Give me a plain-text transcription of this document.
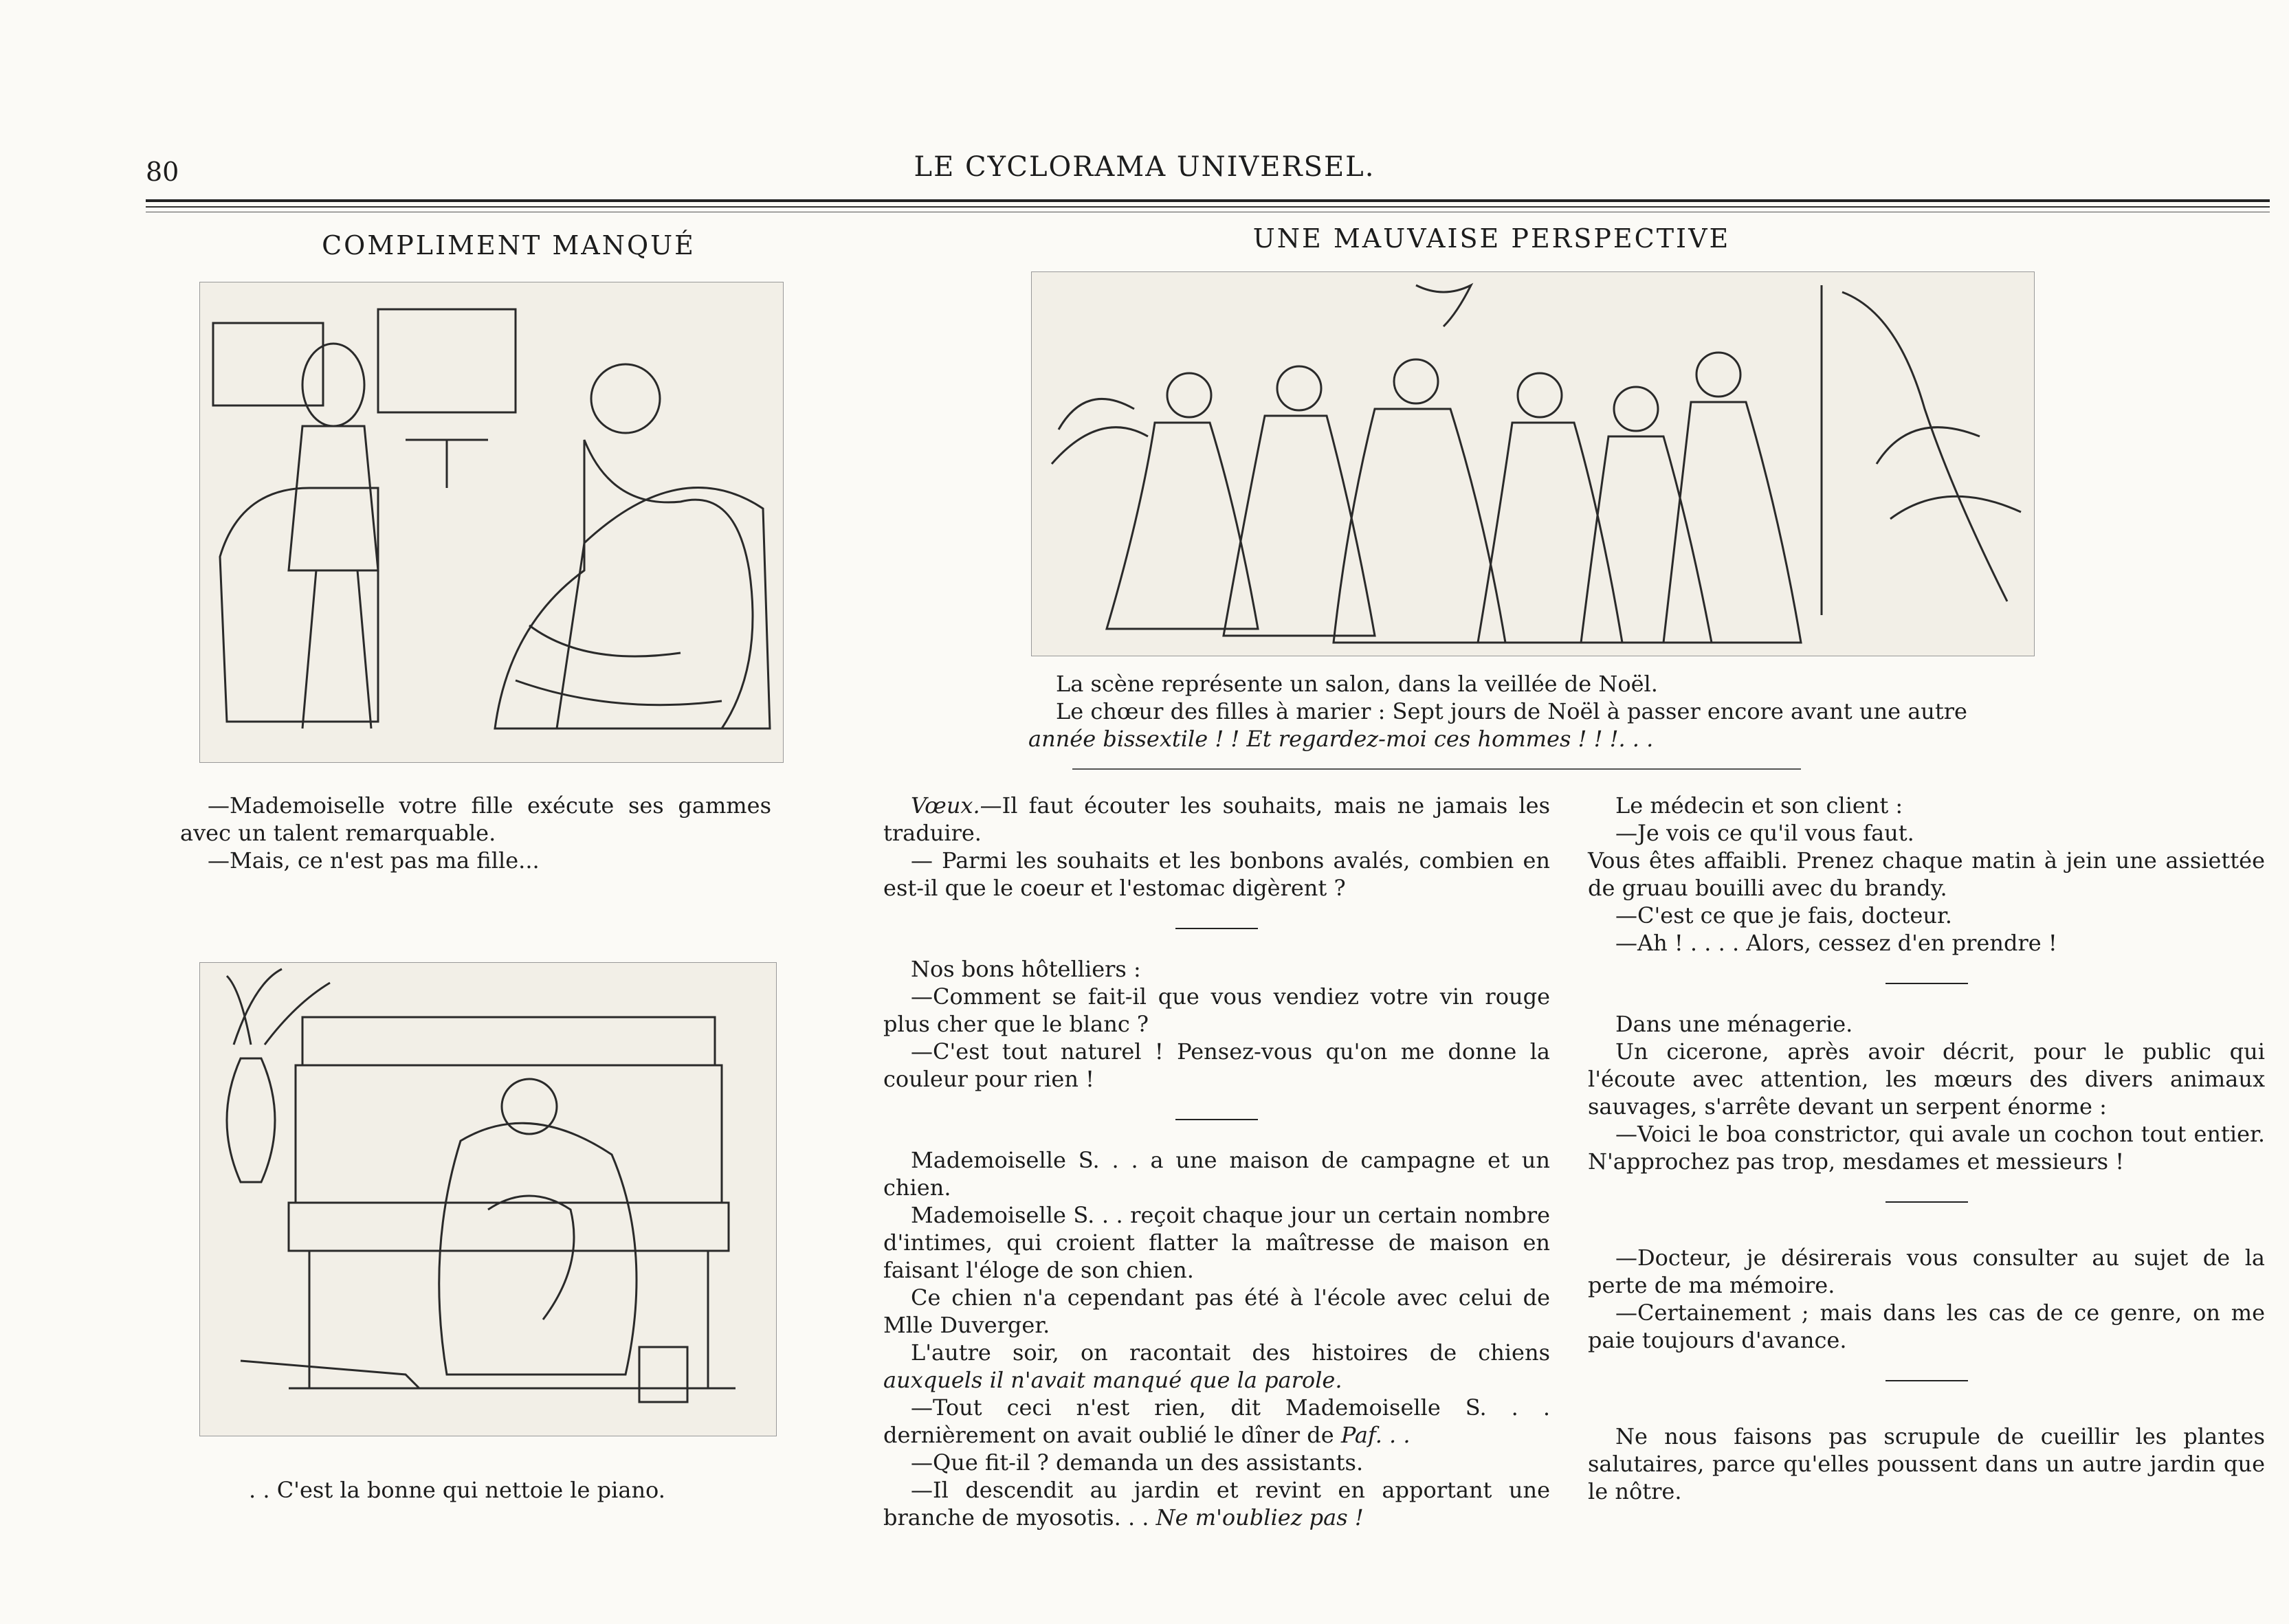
80	LE CYCLORAMA UNIVERSEL.
COMPLIMENT MANQUÉ

—Mademoiselle votre fille exécute ses gammes avec un talent remarquable.

—Mais, ce n'est pas ma fille...

. . C'est la bonne qui nettoie le piano.
UNE MAUVAISE PERSPECTIVE

La scène représente un salon, dans la veillée de Noël.

Le chœur des filles à marier : Sept jours de Noël à passer encore avant une autre

année bissextile ! ! Et regardez-moi ces hommes ! ! !. . .

Vœux.—Il faut écouter les souhaits, mais ne jamais les traduire.

— Parmi les souhaits et les bonbons avalés, combien en est-il que le coeur et l'estomac digèrent ?

Nos bons hôtelliers :

—Comment se fait-il que vous vendiez votre vin rouge plus cher que le blanc ?

—C'est tout naturel ! Pensez-vous qu'on me donne la couleur pour rien !

Mademoiselle S. . . a une maison de campagne et un chien.

Mademoiselle S. . . reçoit chaque jour un certain nombre d'intimes, qui croient flatter la maîtresse de maison en faisant l'éloge de son chien.

Ce chien n'a cependant pas été à l'école avec celui de Mlle Duverger.

L'autre soir, on racontait des histoires de chiens auxquels il n'avait manqué que la parole.

—Tout ceci n'est rien, dit Mademoiselle S. . . dernièrement on avait oublié le dîner de Paf. . .

—Que fit-il ? demanda un des assistants.

—Il descendit au jardin et revint en apportant une branche de myosotis. . . Ne m'oubliez pas !

Le médecin et son client :

—Je vois ce qu'il vous faut.

Vous êtes affaibli. Prenez chaque matin à jein une assiettée de gruau bouilli avec du brandy.

—C'est ce que je fais, docteur.

—Ah ! . . . . Alors, cessez d'en prendre !

Dans une ménagerie.

Un cicerone, après avoir décrit, pour le public qui l'écoute avec attention, les mœurs des divers animaux sauvages, s'arrête devant un serpent énorme :

—Voici le boa constrictor, qui avale un cochon tout entier. N'approchez pas trop, mesdames et messieurs !

—Docteur, je désirerais vous consulter au sujet de la perte de ma mémoire.

—Certainement ; mais dans les cas de ce genre, on me paie toujours d'avance.

Ne nous faisons pas scrupule de cueillir les plantes salutaires, parce qu'elles poussent dans un autre jardin que le nôtre.
